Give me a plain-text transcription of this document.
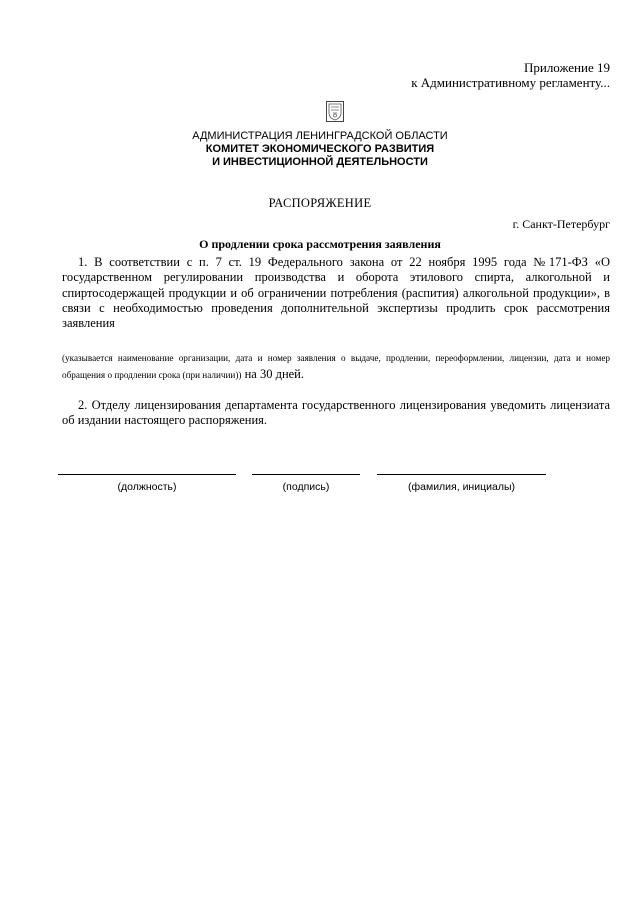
Приложение 19
к Административному регламенту...
АДМИНИСТРАЦИЯ ЛЕНИНГРАДСКОЙ ОБЛАСТИ
КОМИТЕТ ЭКОНОМИЧЕСКОГО РАЗВИТИЯ
И ИНВЕСТИЦИОННОЙ ДЕЯТЕЛЬНОСТИ
РАСПОРЯЖЕНИЕ
г. Санкт-Петербург
О продлении срока рассмотрения заявления
1. В соответствии с п. 7 ст. 19 Федерального закона от 22 ноября 1995 года №171-ФЗ «О государственном регулировании производства и оборота этилового спирта, алкогольной и спиртосодержащей продукции и об ограничении потребления (распития) алкогольной продукции», в связи с необходимостью проведения дополнительной экспертизы продлить срок рассмотрения заявления
(указывается наименование организации, дата и номер заявления о выдаче, продлении, переоформлении, лицензии, дата и номер обращения о продлении срока (при наличии)) на 30 дней.
2. Отделу лицензирования департамента государственного лицензирования уведомить лицензиата об издании настоящего распоряжения.
(должность)	(подпись)	(фамилия, инициалы)
